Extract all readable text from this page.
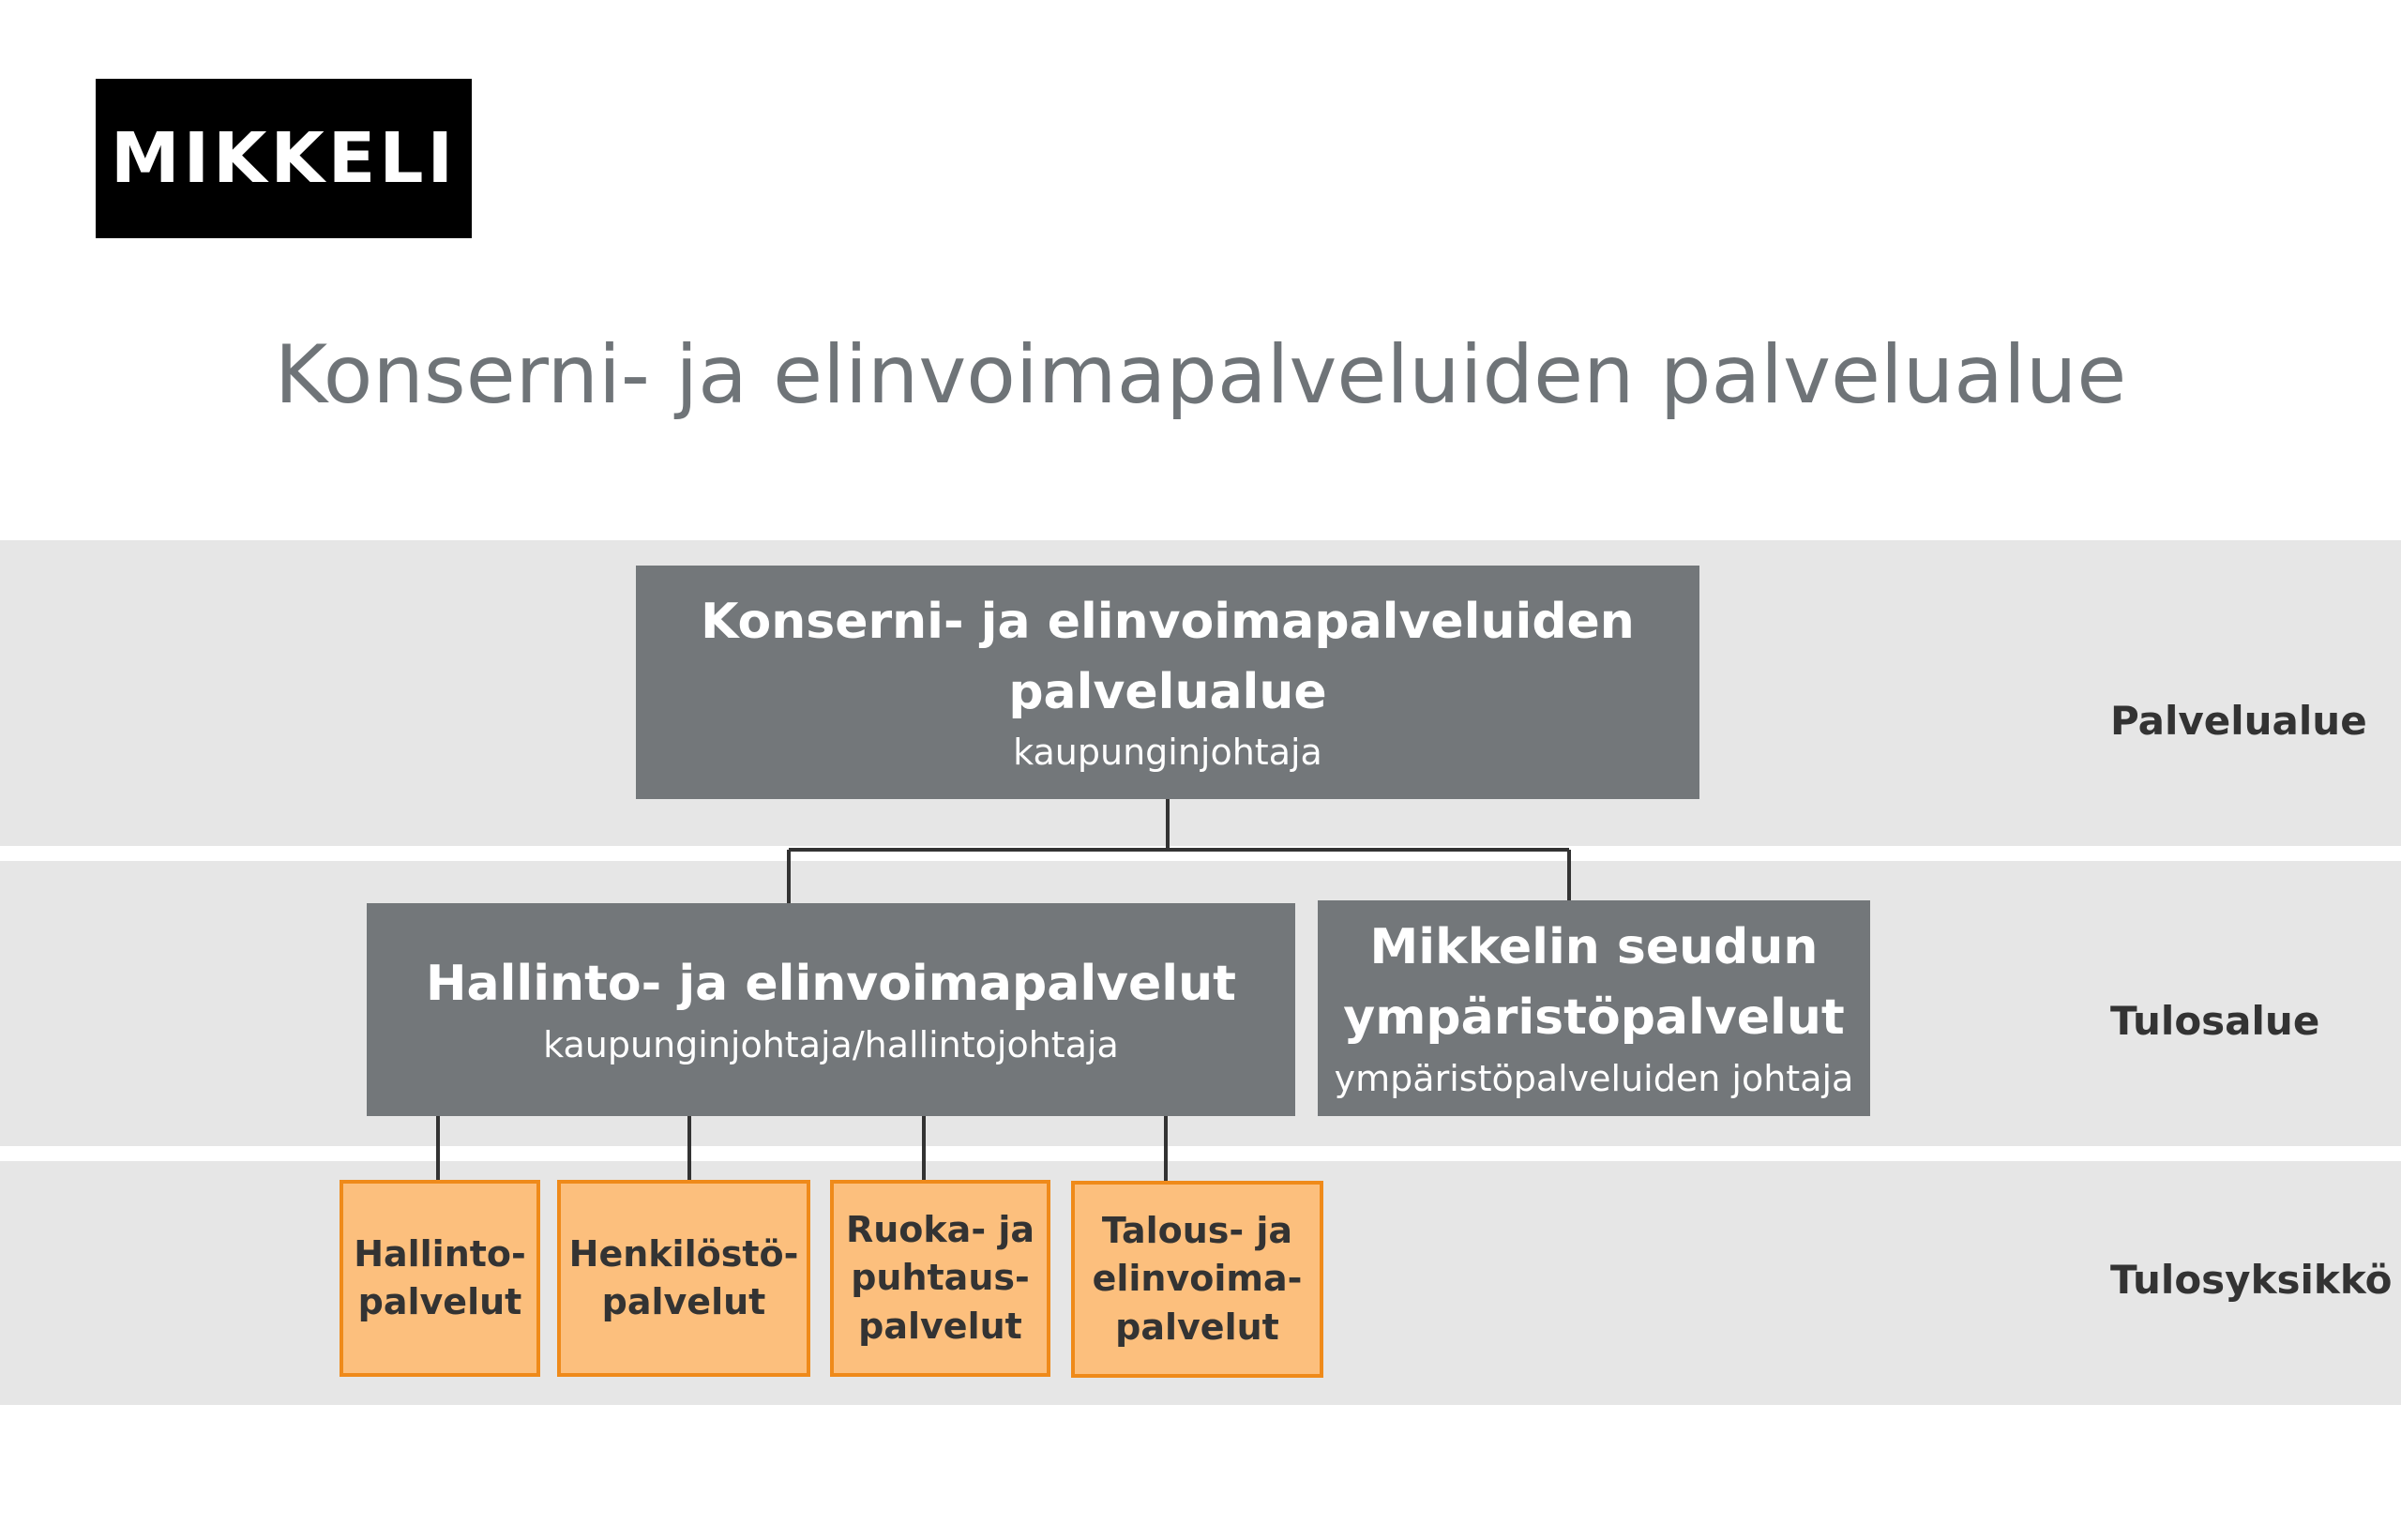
MIKKELI
Konserni- ja elinvoimapalveluiden palvelualue
Konserni- ja elinvoimapalveluiden
palvelualue
kaupunginjohtaja
Hallinto- ja elinvoimapalvelut
kaupunginjohtaja/hallintojohtaja
Mikkelin seudun
ympäristöpalvelut
ympäristöpalveluiden johtaja
Hallinto-
palvelut
Henkilöstö-
palvelut
Ruoka- ja
puhtaus-
palvelut
Talous- ja
elinvoima-
palvelut
Palvelualue
Tulosalue
Tulosyksikkö
